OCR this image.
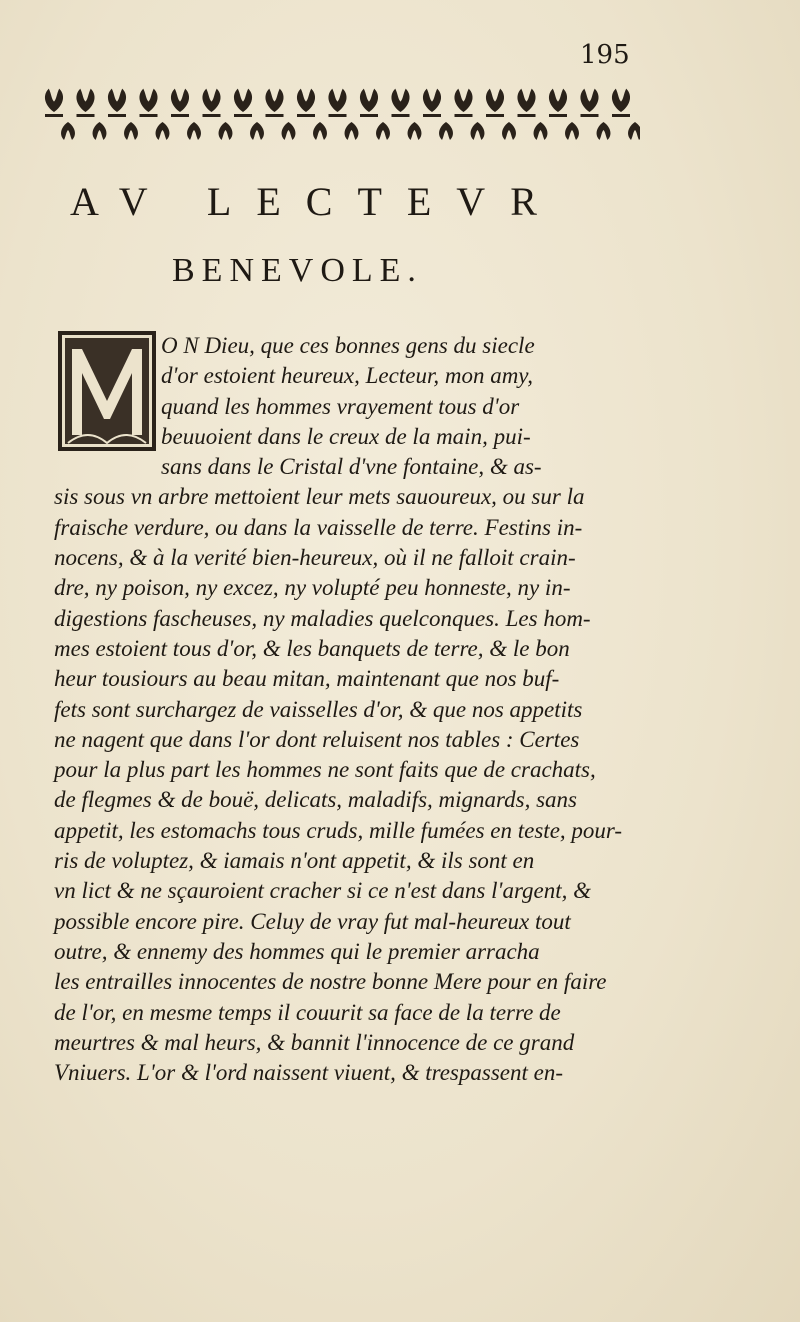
195
AV LECTEVR
BENEVOLE.
O N Dieu, que ces bonnes gens du siecle
d'or estoient heureux, Lecteur, mon amy,
quand les hommes vrayement tous d'or
beuuoient dans le creux de la main, pui-
sans dans le Cristal d'vne fontaine, & as-
sis sous vn arbre mettoient leur mets sauoureux, ou sur la
fraische verdure, ou dans la vaisselle de terre. Festins in-
nocens, & à la verité bien-heureux, où il ne falloit crain-
dre, ny poison, ny excez, ny volupté peu honneste, ny in-
digestions fascheuses, ny maladies quelconques. Les hom-
mes estoient tous d'or, & les banquets de terre, & le bon
heur tousiours au beau mitan, maintenant que nos buf-
fets sont surchargez de vaisselles d'or, & que nos appetits
ne nagent que dans l'or dont reluisent nos tables : Certes
pour la plus part les hommes ne sont faits que de crachats,
de flegmes & de bouë, delicats, maladifs, mignards, sans
appetit, les estomachs tous cruds, mille fumées en teste, pour-
ris de voluptez, & iamais n'ont appetit, & ils sont en
vn lict & ne sçauroient cracher si ce n'est dans l'argent, &
possible encore pire. Celuy de vray fut mal-heureux tout
outre, & ennemy des hommes qui le premier arracha
les entrailles innocentes de nostre bonne Mere pour en faire
de l'or, en mesme temps il couurit sa face de la terre de
meurtres & mal heurs, & bannit l'innocence de ce grand
Vniuers. L'or & l'ord naissent viuent, & trespassent en-
